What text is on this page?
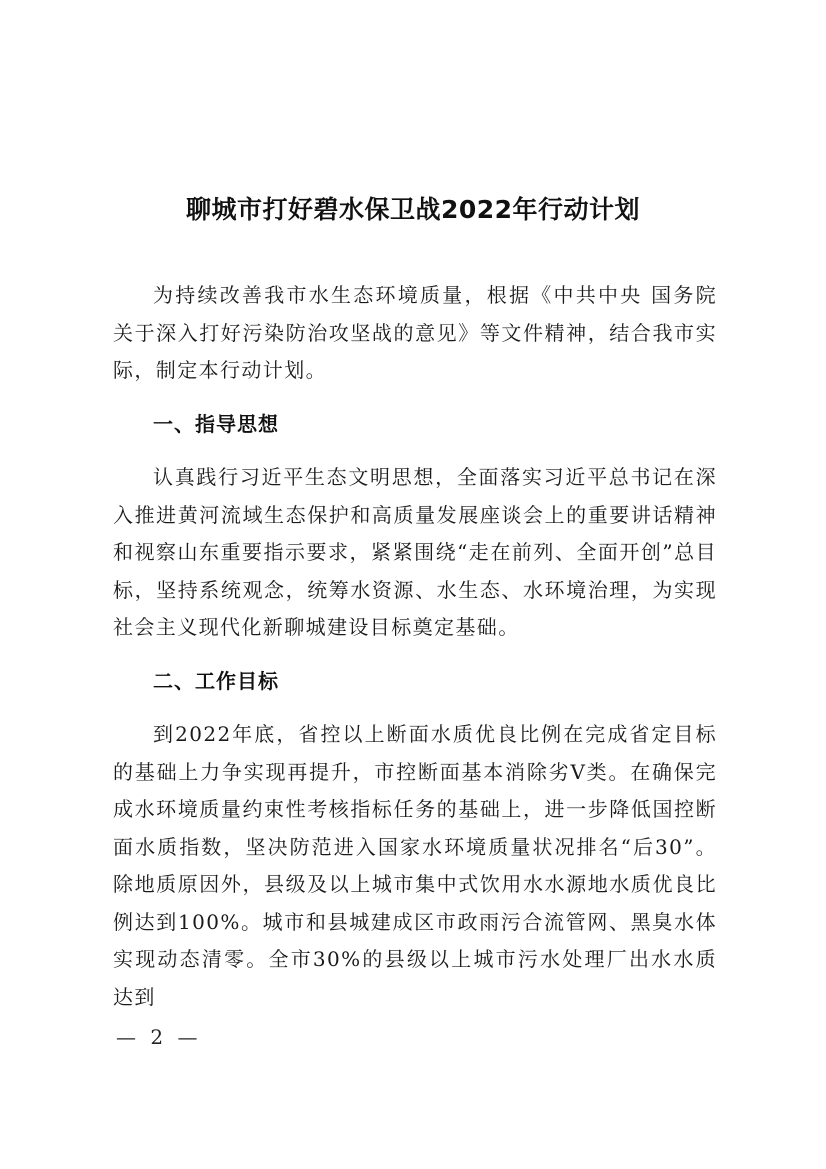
聊城市打好碧水保卫战2022年行动计划

为持续改善我市水生态环境质量，根据《中共中央 国务院关于深入打好污染防治攻坚战的意见》等文件精神，结合我市实际，制定本行动计划。

一、指导思想

认真践行习近平生态文明思想，全面落实习近平总书记在深入推进黄河流域生态保护和高质量发展座谈会上的重要讲话精神和视察山东重要指示要求，紧紧围绕“走在前列、全面开创”总目标，坚持系统观念，统筹水资源、水生态、水环境治理，为实现社会主义现代化新聊城建设目标奠定基础。

二、工作目标

到2022年底，省控以上断面水质优良比例在完成省定目标的基础上力争实现再提升，市控断面基本消除劣Ⅴ类。在确保完成水环境质量约束性考核指标任务的基础上，进一步降低国控断面水质指数，坚决防范进入国家水环境质量状况排名“后30”。除地质原因外，县级及以上城市集中式饮用水水源地水质优良比例达到100%。城市和县城建成区市政雨污合流管网、黑臭水体实现动态清零。全市30%的县级以上城市污水处理厂出水水质达到

— 2 —
